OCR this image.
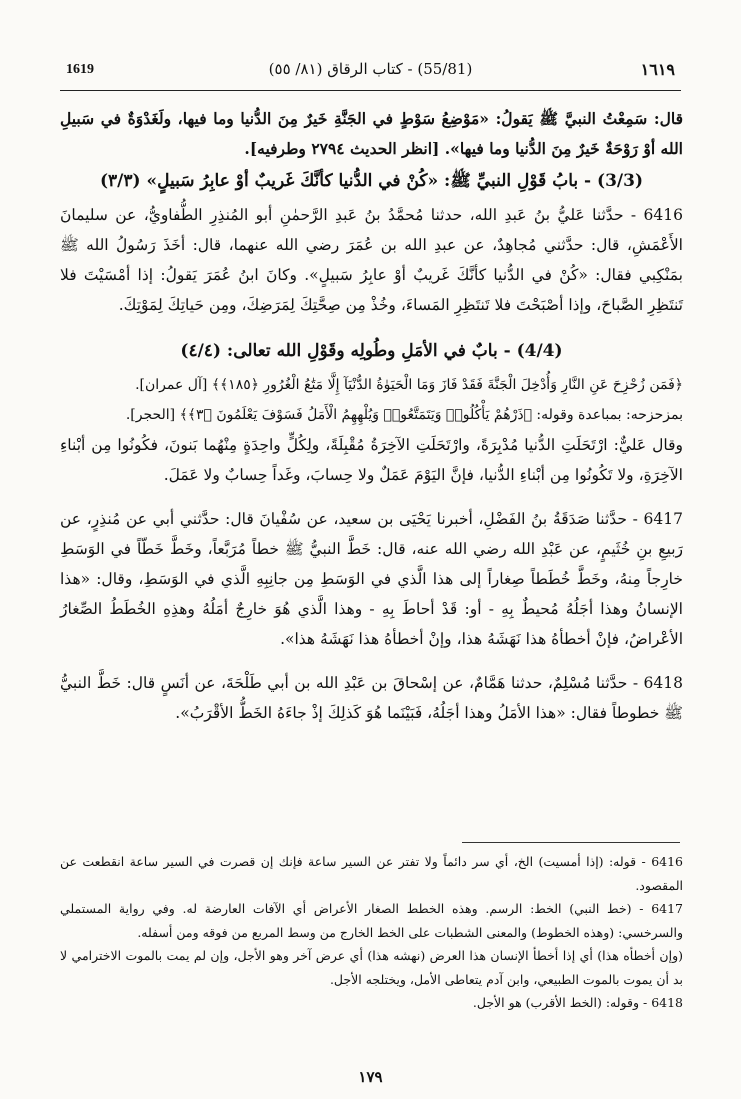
1619	(55/81) - كتاب الرقاق (٨١/ ٥٥)	١٦١٩

قال: سَمِعْتُ النبيَّ ﷺ يَقولُ: «مَوْضِعُ سَوْطٍ في الجَنَّةِ خَيرٌ مِنَ الدُّنيا وما فيها، ولَغَدْوَةٌ في سَبيلِ الله أوْ رَوْحَةٌ خَيرٌ مِنَ الدُّنيا وما فيها». [انظر الحديث ٢٧٩٤ وطرفيه].

(3/3) - بابُ قَوْلِ النبيِّ ﷺ: «كُنْ في الدُّنيا كأنَّكَ غَريبٌ أوْ عابِرُ سَبيلٍ» (٣/٣)

6416 - حدَّثنا عَليُّ بنُ عَبدِ الله، حدثنا مُحمَّدُ بنُ عَبدِ الرَّحمٰنِ أبو المُنذِرِ الطُّفاويُّ، عن سليمانَ الأَعْمَشِ، قال: حدَّثني مُجاهِدٌ، عن عبدِ الله بن عُمَرَ رضي الله عنهما، قال: أخَذَ رَسُولُ الله ﷺ بمَنْكِبي فقال: «كُنْ في الدُّنيا كأنَّكَ غَريبٌ أوْ عابِرُ سَبيلٍ». وكانَ ابنُ عُمَرَ يَقولُ: إذا أمْسَيْتَ فلا تَنتَظِرِ الصَّباحَ، وإذا أصْبَحْتَ فلا تَنتَظِرِ المَساءَ، وخُذْ مِن صِحَّتِكَ لِمَرَضِكَ، ومِن حَياتِكَ لِمَوْتِكَ.

(4/4) - بابٌ في الأمَلِ وطُولِه وقَوْلِ الله تعالى: (٤/٤)

﴿فَمَن زُحْزِحَ عَنِ النَّارِ وَأُدْخِلَ الْجَنَّةَ فَقَدْ فَازَ وَمَا الْحَيَوٰةُ الدُّنْيَآ إِلَّا مَتَٰعُ الْغُرُورِ ﴿١٨٥﴾﴾ [آل عمران].

بمزحزحه: بمباعدة وقوله: ﴿ذَرْهُمْ يَأْكُلُوا۟ وَيَتَمَتَّعُوا۟ وَيُلْهِهِمُ الْأَمَلُ فَسَوْفَ يَعْلَمُونَ ﴿٣﴾﴾ [الحجر].

وقال عَليٌّ: ارْتَحَلَتِ الدُّنيا مُدْبِرَةً، وارْتَحَلَتِ الآخِرَةُ مُقْبِلَةً، ولِكُلٍّ واحِدَةٍ مِنْهُما بَنونَ، فكُونُوا مِن أبْناءِ الآخِرَةِ، ولا تَكُونُوا مِن أبْناءِ الدُّنيا، فإنَّ اليَوْمَ عَمَلٌ ولا حِسابَ، وغَداً حِسابٌ ولا عَمَلَ.

6417 - حدَّثنا صَدَقَةُ بنُ الفَضْلِ، أخبرنا يَحْيَى بن سعيد، عن سُفْيانَ قال: حدَّثني أبي عن مُنذِرٍ، عن رَبيعِ بنِ خُثَيمٍ، عن عَبْدِ الله رضي الله عنه، قال: خَطَّ النبيُّ ﷺ خطاً مُرَبَّعاً، وخَطَّ خَطّاً في الوَسَطِ خارِجاً مِنهُ، وخَطَّ خُطَطاً صِغاراً إلى هذا الَّذي في الوَسَطِ مِن جانِبِهِ الَّذي في الوَسَطِ، وقال: «هذا الإنسانُ وهذا أجَلُهُ مُحيطٌ بِهِ - أو: قَدْ أحاطَ بِهِ - وهذا الَّذي هُوَ خارِجٌ أمَلُهُ وهذِهِ الخُطَطُ الصِّغارُ الأعْراضُ، فإنْ أخطأهُ هذا نَهَشَهُ هذا، وإنْ أخطأهُ هذا نَهَشَهُ هذا».

6418 - حدَّثنا مُسْلِمٌ، حدثنا هَمَّامٌ، عن إسْحاقَ بن عَبْدِ الله بن أبي طَلْحَةَ، عن أنَسٍ قال: خَطَّ النبيُّ ﷺ خطوطاً فقال: «هذا الأمَلُ وهذا أجَلُهُ، فَبَيْنَما هُوَ كَذلِكَ إذْ جاءَهُ الخَطُّ الأقْرَبُ».

6416 - قوله: (إذا أمسيت) الخ، أي سر دائماً ولا تفتر عن السير ساعة فإنك إن قصرت في السير ساعة انقطعت عن المقصود.

6417 - (خط النبي) الخط: الرسم. وهذه الخطط الصغار الأعراض أي الآفات العارضة له. وفي رواية المستملي والسرخسي: (وهذه الخطوط) والمعنى الشطبات على الخط الخارج من وسط المربع من فوقه ومن أسفله.

(وإن أخطأه هذا) أي إذا أخطأ الإنسان هذا العرض (نهشه هذا) أي عرض آخر وهو الأجل، وإن لم يمت بالموت الاخترامي لا بد أن يموت بالموت الطبيعي، وابن آدم يتعاطى الأمل، ويختلجه الأجل.

6418 - وقوله: (الخط الأقرب) هو الأجل.

١٧٩
